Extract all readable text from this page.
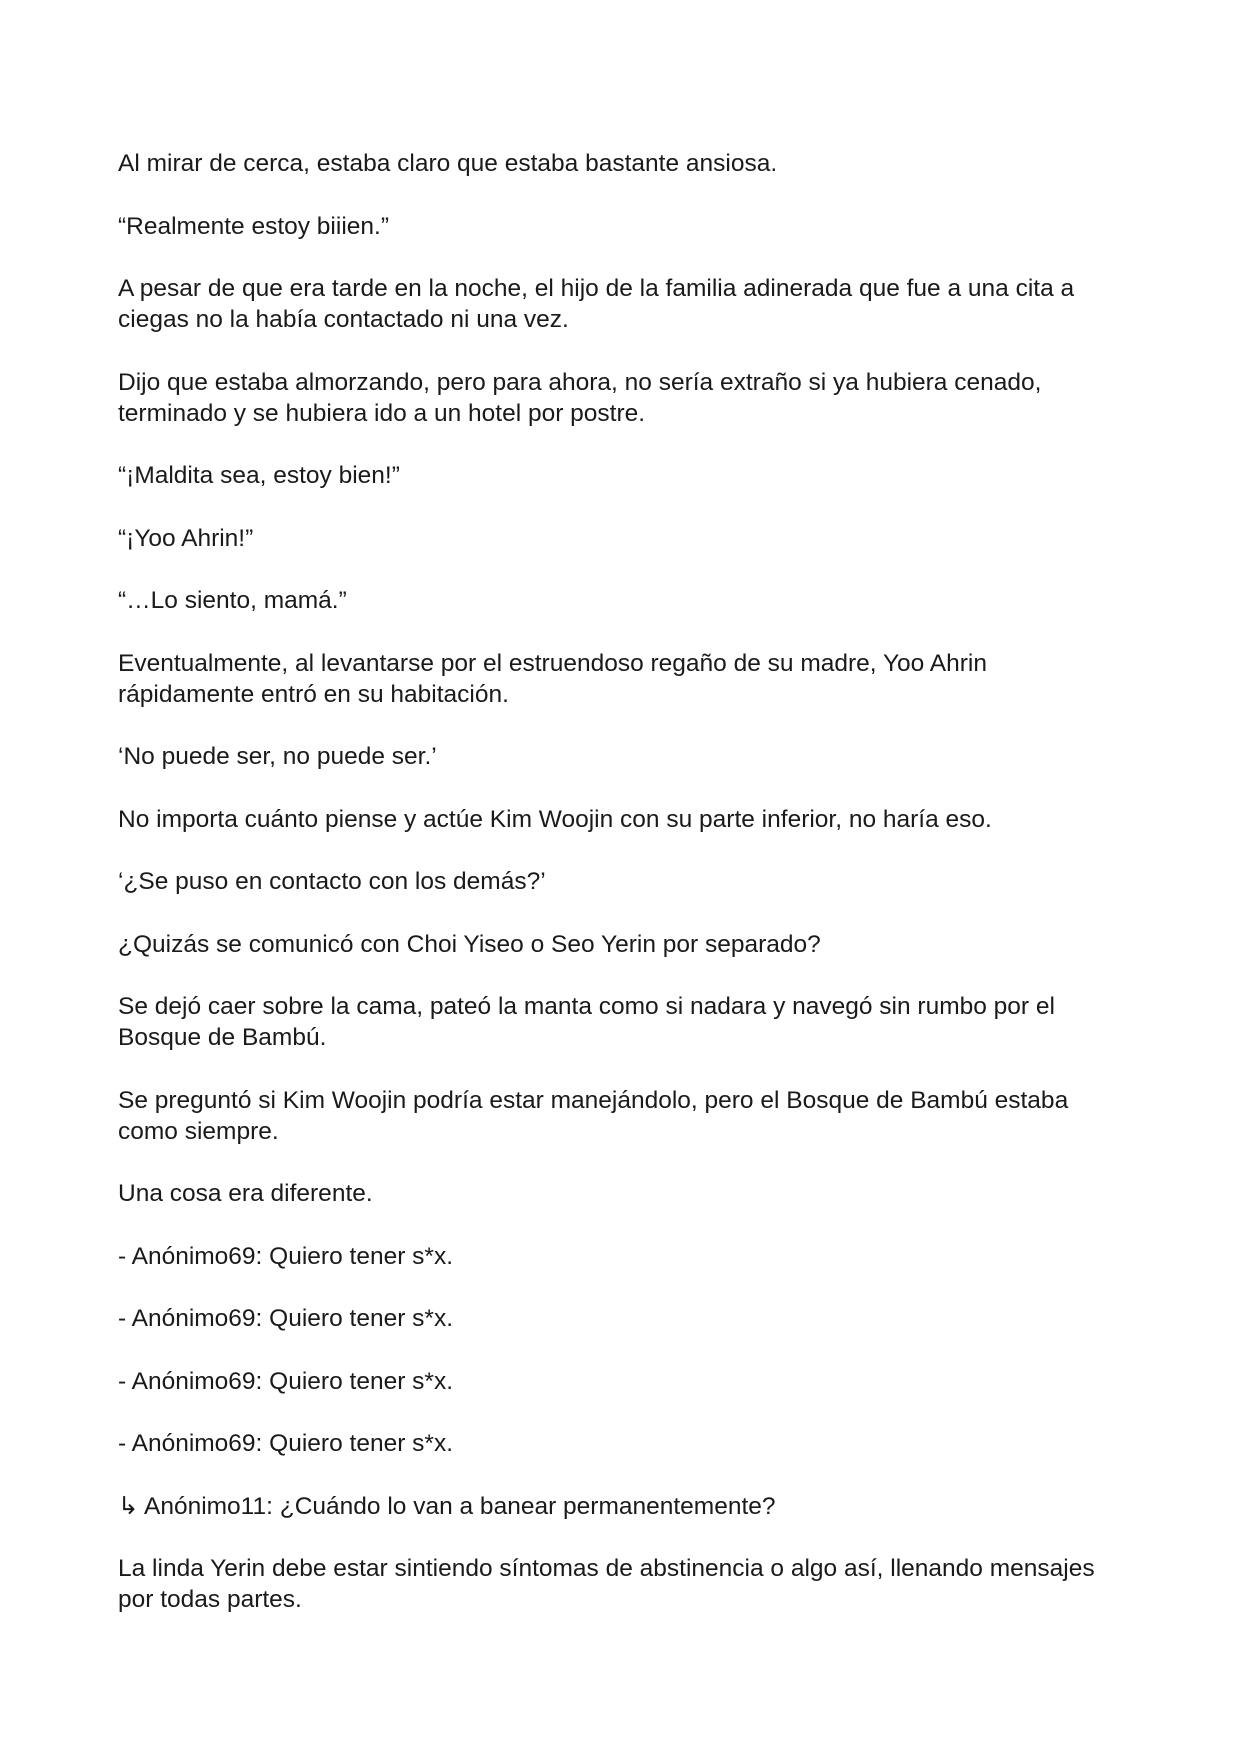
Al mirar de cerca, estaba claro que estaba bastante ansiosa.

“Realmente estoy biiien.”

A pesar de que era tarde en la noche, el hijo de la familia adinerada que fue a una cita a ciegas no la había contactado ni una vez.

Dijo que estaba almorzando, pero para ahora, no sería extraño si ya hubiera cenado, terminado y se hubiera ido a un hotel por postre.

“¡Maldita sea, estoy bien!”

“¡Yoo Ahrin!”

“…Lo siento, mamá.”

Eventualmente, al levantarse por el estruendoso regaño de su madre, Yoo Ahrin rápidamente entró en su habitación.

‘No puede ser, no puede ser.’

No importa cuánto piense y actúe Kim Woojin con su parte inferior, no haría eso.

‘¿Se puso en contacto con los demás?’

¿Quizás se comunicó con Choi Yiseo o Seo Yerin por separado?

Se dejó caer sobre la cama, pateó la manta como si nadara y navegó sin rumbo por el Bosque de Bambú.

Se preguntó si Kim Woojin podría estar manejándolo, pero el Bosque de Bambú estaba como siempre.

Una cosa era diferente.

- Anónimo69: Quiero tener s*x.

- Anónimo69: Quiero tener s*x.

- Anónimo69: Quiero tener s*x.

- Anónimo69: Quiero tener s*x.

↳ Anónimo11: ¿Cuándo lo van a banear permanentemente?

La linda Yerin debe estar sintiendo síntomas de abstinencia o algo así, llenando mensajes por todas partes.
